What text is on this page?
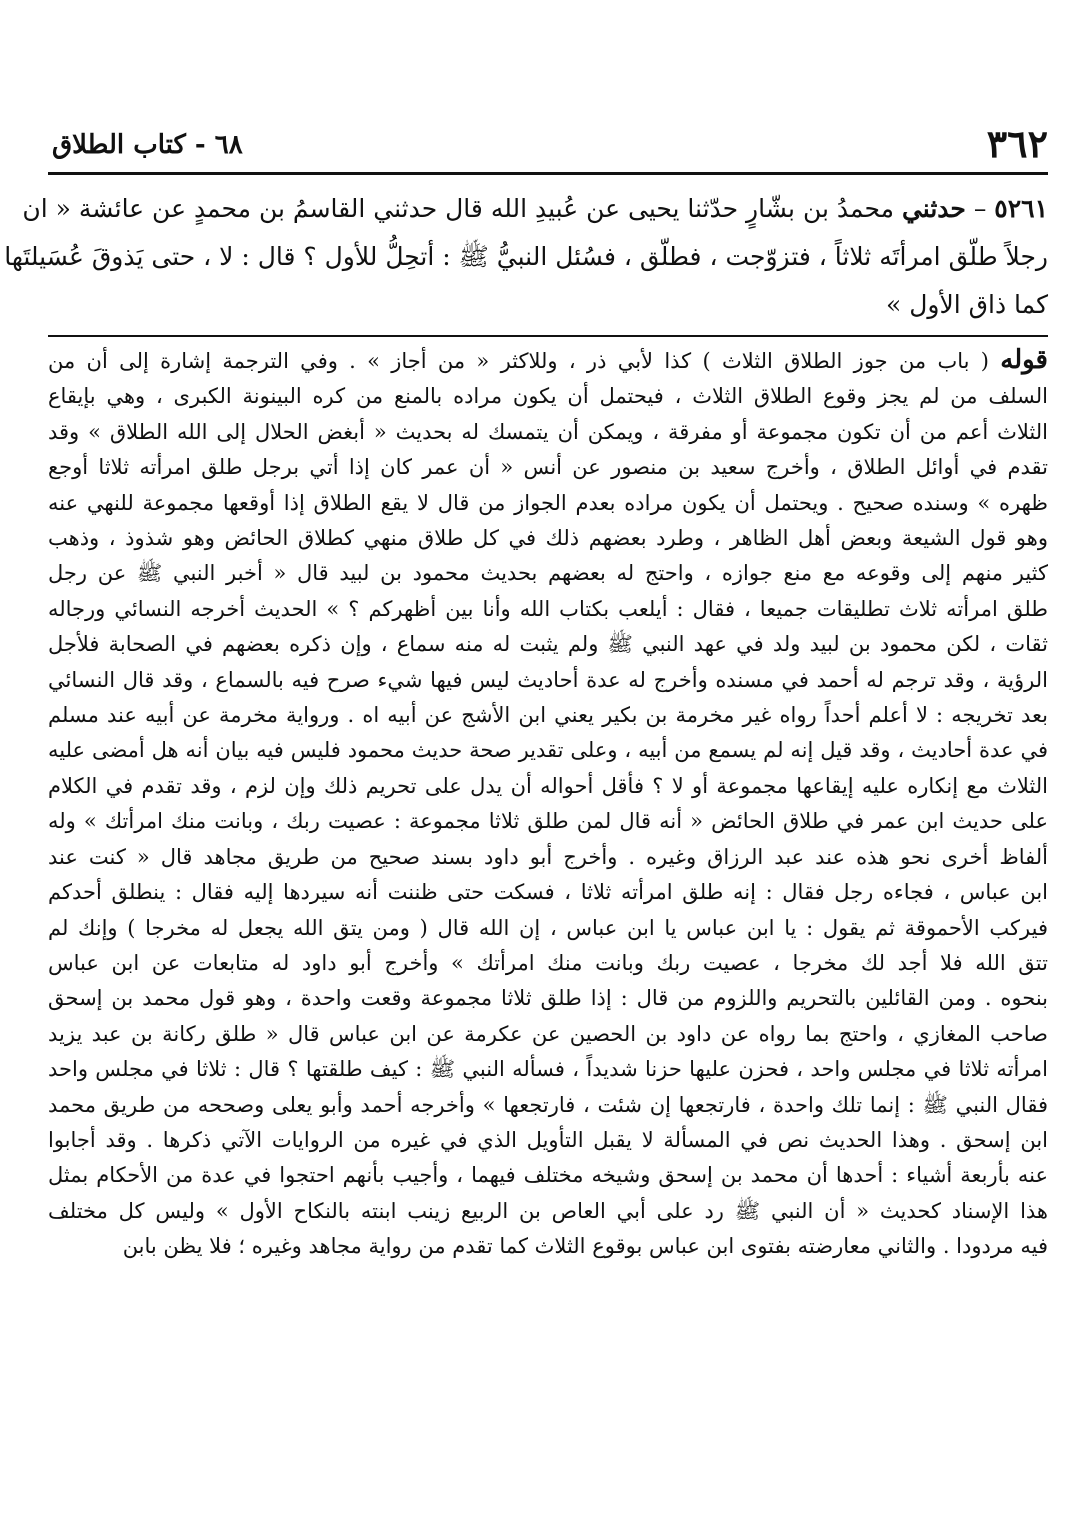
٣٦٢
٦٨ - كتاب الطلاق
٥٢٦١ – حدثني محمدُ بن بشّارٍ حدّثنا يحيى عن عُبيدِ الله قال حدثني القاسمُ بن محمدٍ عن عائشة « ان
رجلاً طلّق امرأتَه ثلاثاً ، فتزوّجت ، فطلّق ، فسُئل النبيُّ ﷺ : أتحِلُّ للأول ؟ قال : لا ، حتى يَذوقَ عُسَيلتَها
كما ذاق الأول »
قوله ( باب من جوز الطلاق الثلاث ) كذا لأبي ذر ، وللاكثر « من أجاز » . وفي الترجمة إشارة إلى أن من
السلف من لم يجز وقوع الطلاق الثلاث ، فيحتمل أن يكون مراده بالمنع من كره البينونة الكبرى ، وهي بإيقاع
الثلاث أعم من أن تكون مجموعة أو مفرقة ، ويمكن أن يتمسك له بحديث « أبغض الحلال إلى الله الطلاق » وقد
تقدم في أوائل الطلاق ، وأخرج سعيد بن منصور عن أنس « أن عمر كان إذا أتي برجل طلق امرأته ثلاثا أوجع
ظهره » وسنده صحيح . ويحتمل أن يكون مراده بعدم الجواز من قال لا يقع الطلاق إذا أوقعها مجموعة للنهي عنه
وهو قول الشيعة وبعض أهل الظاهر ، وطرد بعضهم ذلك في كل طلاق منهي كطلاق الحائض وهو شذوذ ، وذهب
كثير منهم إلى وقوعه مع منع جوازه ، واحتج له بعضهم بحديث محمود بن لبيد قال « أخبر النبي ﷺ عن رجل
طلق امرأته ثلاث تطليقات جميعا ، فقال : أيلعب بكتاب الله وأنا بين أظهركم ؟ » الحديث أخرجه النسائي ورجاله
ثقات ، لكن محمود بن لبيد ولد في عهد النبي ﷺ ولم يثبت له منه سماع ، وإن ذكره بعضهم في الصحابة فلأجل
الرؤية ، وقد ترجم له أحمد في مسنده وأخرج له عدة أحاديث ليس فيها شيء صرح فيه بالسماع ، وقد قال النسائي
بعد تخريجه : لا أعلم أحداً رواه غير مخرمة بن بكير يعني ابن الأشج عن أبيه اه . ورواية مخرمة عن أبيه عند مسلم
في عدة أحاديث ، وقد قيل إنه لم يسمع من أبيه ، وعلى تقدير صحة حديث محمود فليس فيه بيان أنه هل أمضى عليه
الثلاث مع إنكاره عليه إيقاعها مجموعة أو لا ؟ فأقل أحواله أن يدل على تحريم ذلك وإن لزم ، وقد تقدم في الكلام
على حديث ابن عمر في طلاق الحائض « أنه قال لمن طلق ثلاثا مجموعة : عصيت ربك ، وبانت منك امرأتك » وله
ألفاظ أخرى نحو هذه عند عبد الرزاق وغيره . وأخرج أبو داود بسند صحيح من طريق مجاهد قال « كنت عند
ابن عباس ، فجاءه رجل فقال : إنه طلق امرأته ثلاثا ، فسكت حتى ظننت أنه سيردها إليه فقال : ينطلق أحدكم
فيركب الأحموقة ثم يقول : يا ابن عباس يا ابن عباس ، إن الله قال ( ومن يتق الله يجعل له مخرجا ) وإنك لم
تتق الله فلا أجد لك مخرجا ، عصيت ربك وبانت منك امرأتك » وأخرج أبو داود له متابعات عن ابن عباس
بنحوه . ومن القائلين بالتحريم واللزوم من قال : إذا طلق ثلاثا مجموعة وقعت واحدة ، وهو قول محمد بن إسحق
صاحب المغازي ، واحتج بما رواه عن داود بن الحصين عن عكرمة عن ابن عباس قال « طلق ركانة بن عبد يزيد
امرأته ثلاثا في مجلس واحد ، فحزن عليها حزنا شديداً ، فسأله النبي ﷺ : كيف طلقتها ؟ قال : ثلاثا في مجلس واحد
فقال النبي ﷺ : إنما تلك واحدة ، فارتجعها إن شئت ، فارتجعها » وأخرجه أحمد وأبو يعلى وصححه من طريق محمد
ابن إسحق . وهذا الحديث نص في المسألة لا يقبل التأويل الذي في غيره من الروايات الآتي ذكرها . وقد أجابوا
عنه بأربعة أشياء : أحدها أن محمد بن إسحق وشيخه مختلف فيهما ، وأجيب بأنهم احتجوا في عدة من الأحكام بمثل
هذا الإسناد كحديث « أن النبي ﷺ رد على أبي العاص بن الربيع زينب ابنته بالنكاح الأول » وليس كل مختلف
فيه مردودا . والثاني معارضته بفتوى ابن عباس بوقوع الثلاث كما تقدم من رواية مجاهد وغيره ؛ فلا يظن بابن
